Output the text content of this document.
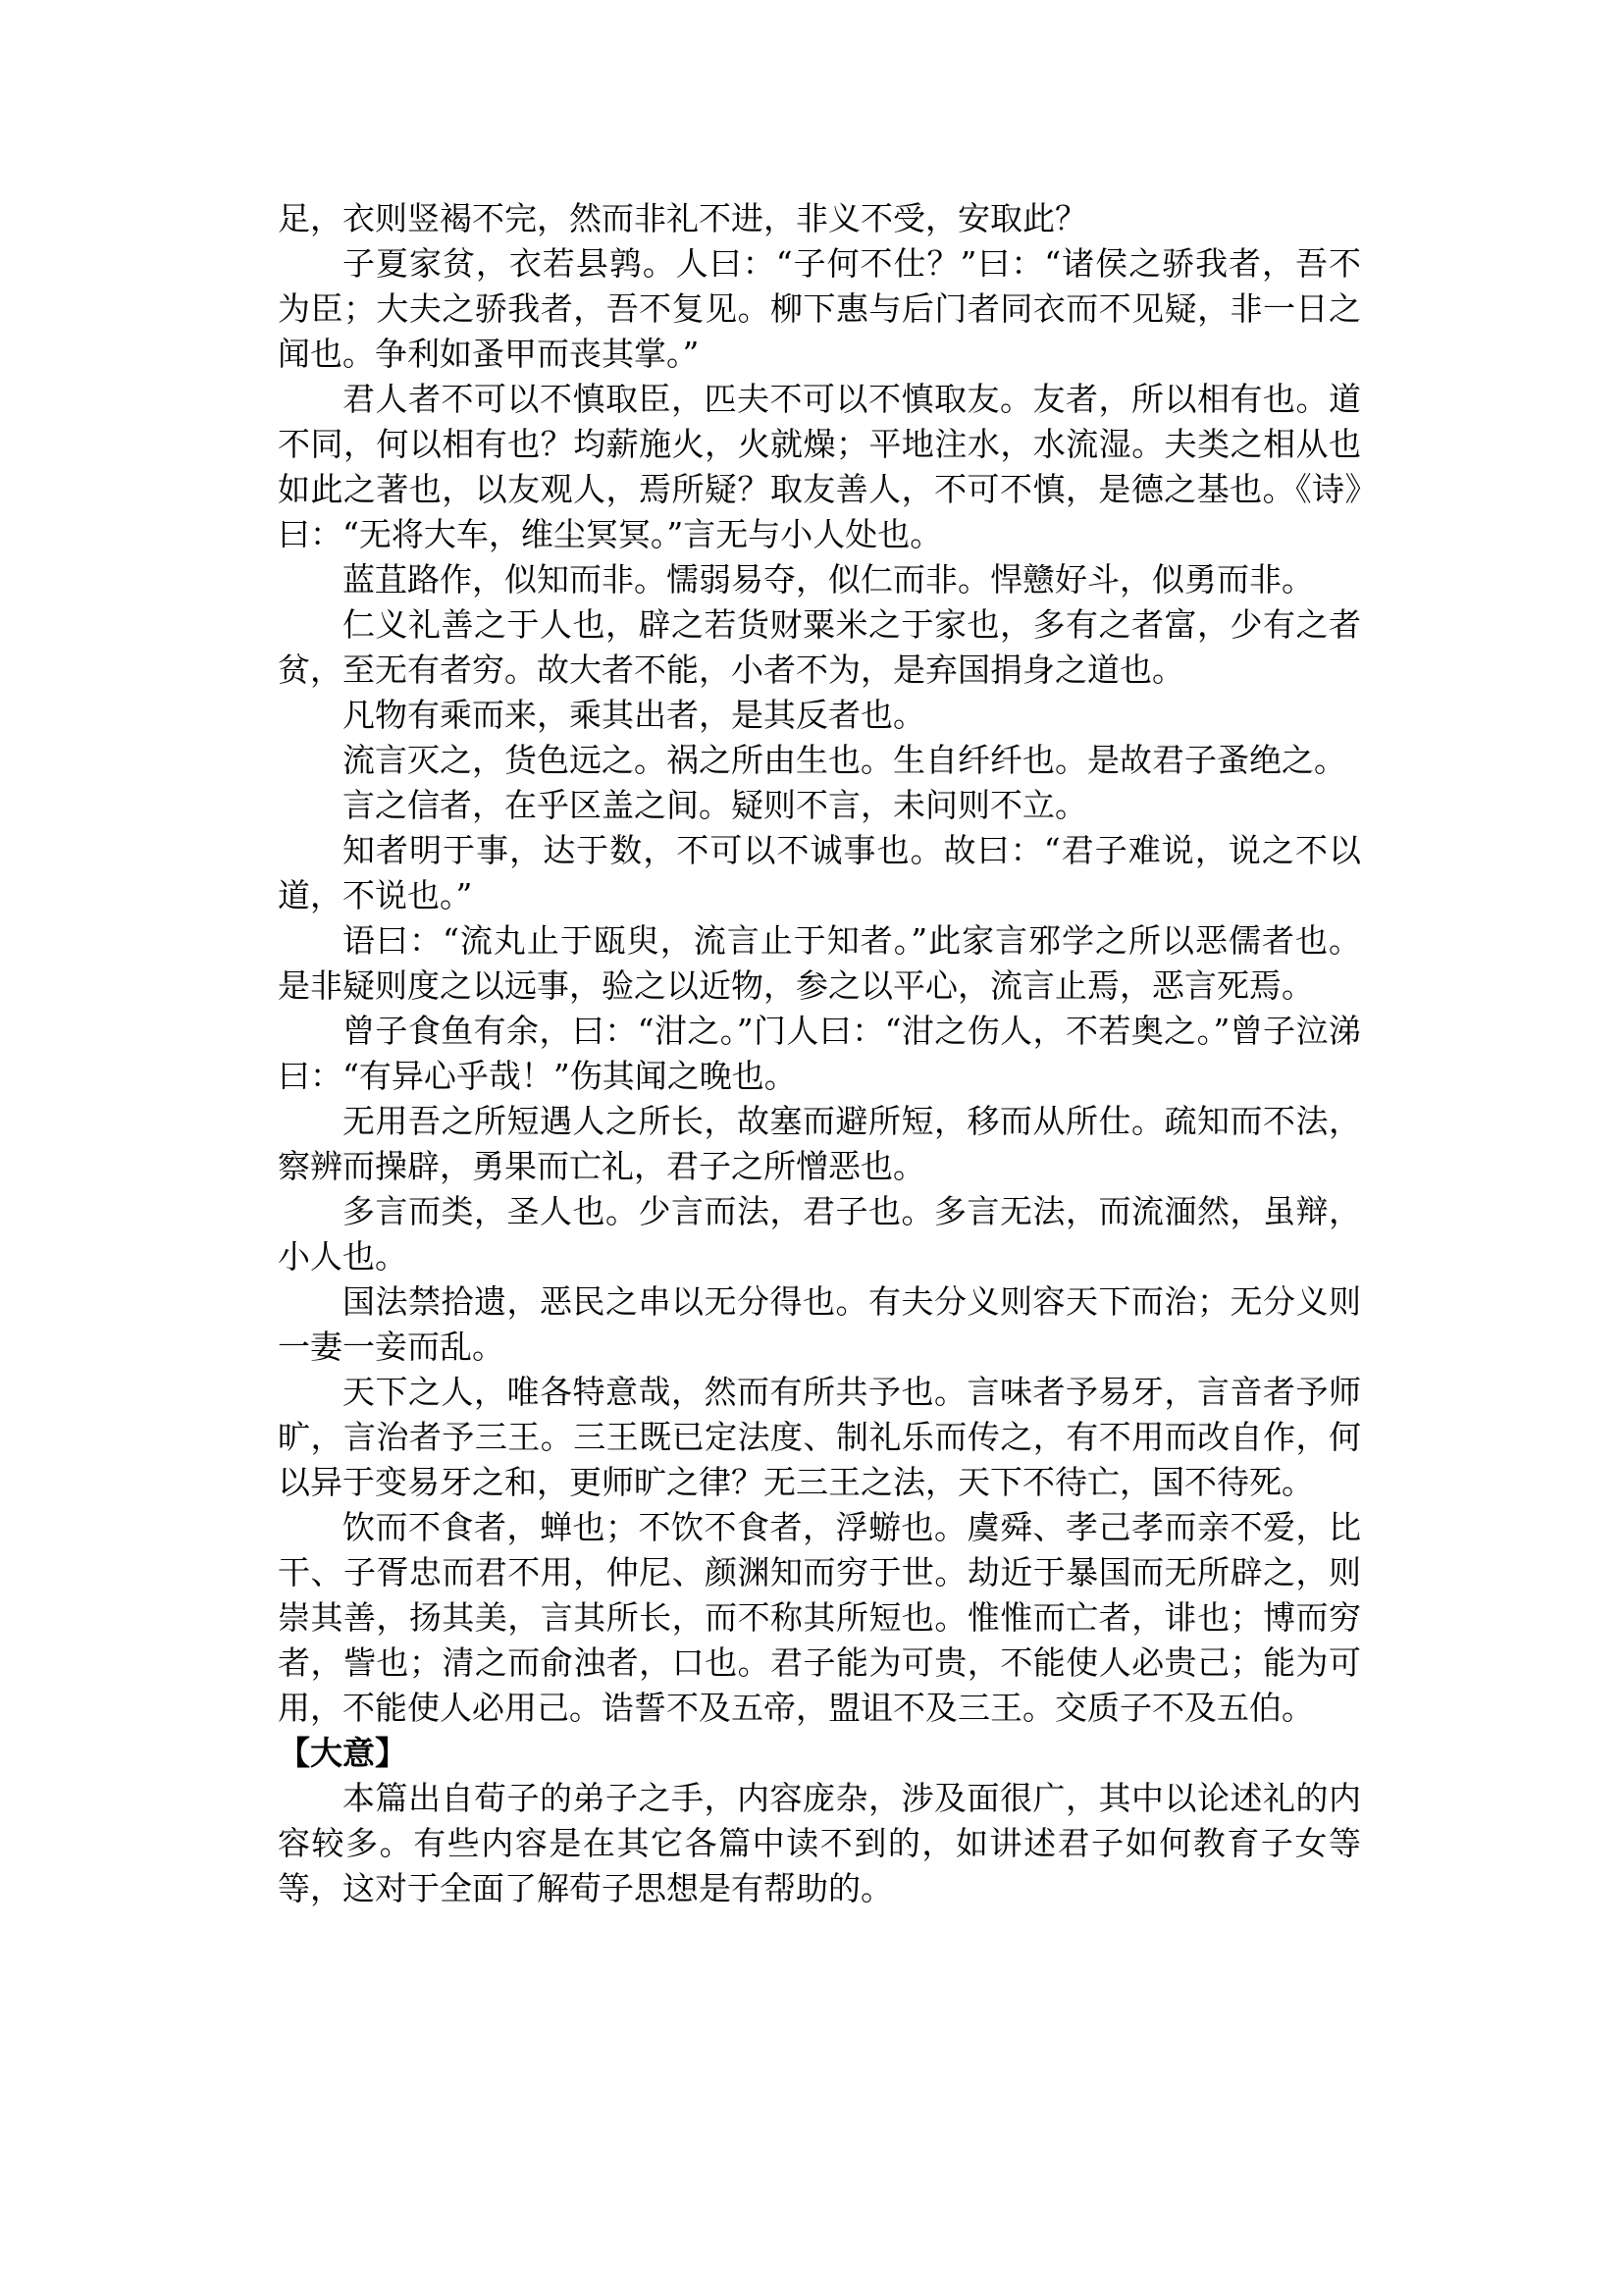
足，衣则竖褐不完，然而非礼不进，非义不受，安取此？

子夏家贫，衣若县鹑。人曰：“子何不仕？”曰：“诸侯之骄我者，吾不为臣；大夫之骄我者，吾不复见。柳下惠与后门者同衣而不见疑，非一日之闻也。争利如蚤甲而丧其掌。”

君人者不可以不慎取臣，匹夫不可以不慎取友。友者，所以相有也。道不同，何以相有也？均薪施火，火就燥；平地注水，水流湿。夫类之相从也如此之著也，以友观人，焉所疑？取友善人，不可不慎，是德之基也。《诗》曰：“无将大车，维尘冥冥。”言无与小人处也。

蓝苴路作，似知而非。懦弱易夺，似仁而非。悍戆好斗，似勇而非。

仁义礼善之于人也，辟之若货财粟米之于家也，多有之者富，少有之者贫，至无有者穷。故大者不能，小者不为，是弃国捐身之道也。

凡物有乘而来，乘其出者，是其反者也。

流言灭之，货色远之。祸之所由生也。生自纤纤也。是故君子蚤绝之。

言之信者，在乎区盖之间。疑则不言，未问则不立。

知者明于事，达于数，不可以不诚事也。故曰：“君子难说，说之不以道，不说也。”

语曰：“流丸止于瓯臾，流言止于知者。”此家言邪学之所以恶儒者也。是非疑则度之以远事，验之以近物，参之以平心，流言止焉，恶言死焉。

曾子食鱼有余，曰：“泔之。”门人曰：“泔之伤人，不若奥之。”曾子泣涕曰：“有异心乎哉！”伤其闻之晚也。

无用吾之所短遇人之所长，故塞而避所短，移而从所仕。疏知而不法，察辨而操辟，勇果而亡礼，君子之所憎恶也。

多言而类，圣人也。少言而法，君子也。多言无法，而流湎然，虽辩，小人也。

国法禁拾遗，恶民之串以无分得也。有夫分义则容天下而治；无分义则一妻一妾而乱。

天下之人，唯各特意哉，然而有所共予也。言味者予易牙，言音者予师旷，言治者予三王。三王既已定法度、制礼乐而传之，有不用而改自作，何以异于变易牙之和，更师旷之律？无三王之法，天下不待亡，国不待死。

饮而不食者，蝉也；不饮不食者，浮蝣也。虞舜、孝己孝而亲不爱，比干、子胥忠而君不用，仲尼、颜渊知而穷于世。劫近于暴国而无所辟之，则崇其善，扬其美，言其所长，而不称其所短也。惟惟而亡者，诽也；博而穷者，訾也；清之而俞浊者，口也。君子能为可贵，不能使人必贵己；能为可用，不能使人必用己。诰誓不及五帝，盟诅不及三王。交质子不及五伯。

【大意】

本篇出自荀子的弟子之手，内容庞杂，涉及面很广，其中以论述礼的内容较多。有些内容是在其它各篇中读不到的，如讲述君子如何教育子女等等，这对于全面了解荀子思想是有帮助的。
